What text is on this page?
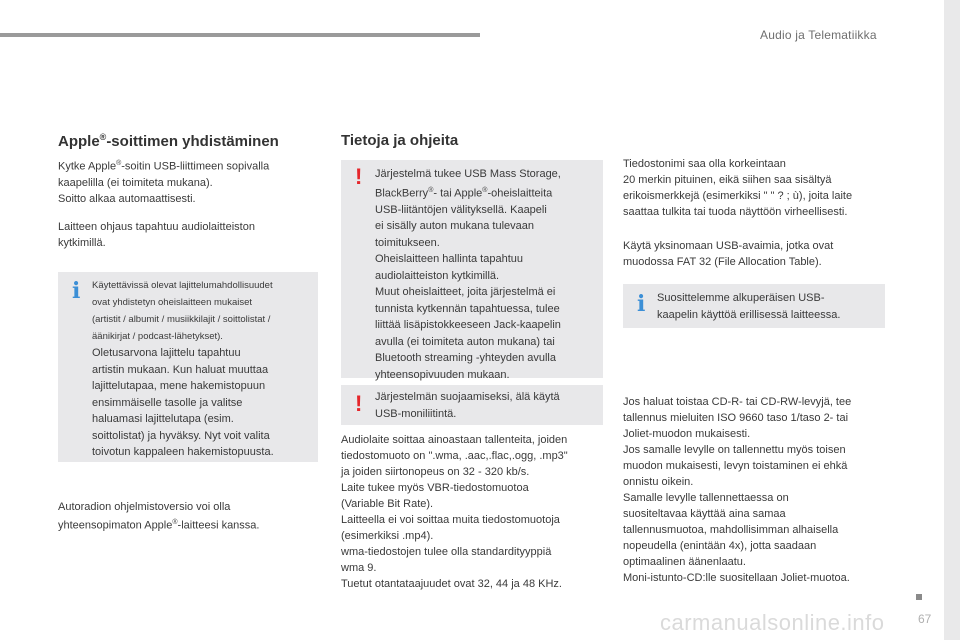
Audio ja Telematiikka
carmanualsonline.info	67
Apple®-soittimen yhdistäminen
Kytke Apple®-soitin USB-liittimeen sopivalla
kaapelilla (ei toimiteta mukana).
Soitto alkaa automaattisesti.
Laitteen ohjaus tapahtuu audiolaitteiston
kytkimillä.
i Käytettävissä olevat lajittelumahdollisuudet
ovat yhdistetyn oheislaitteen mukaiset
(artistit / albumit / musiikkilajit / soittolistat /
äänikirjat / podcast-lähetykset).
Oletusarvona lajittelu tapahtuu
artistin mukaan. Kun haluat muuttaa
lajittelutapaa, mene hakemistopuun
ensimmäiselle tasolle ja valitse
haluamasi lajittelutapa (esim.
soittolistat) ja hyväksy. Nyt voit valita
toivotun kappaleen hakemistopuusta.
Autoradion ohjelmistoversio voi olla
yhteensopimaton Apple®-laitteesi kanssa.
Tietoja ja ohjeita
! Järjestelmä tukee USB Mass Storage,
BlackBerry®- tai Apple®-oheislaitteita
USB-liitäntöjen välityksellä. Kaapeli
ei sisälly auton mukana tulevaan
toimitukseen.
Oheislaitteen hallinta tapahtuu
audiolaitteiston kytkimillä.
Muut oheislaitteet, joita järjestelmä ei
tunnista kytkennän tapahtuessa, tulee
liittää lisäpistokkeeseen Jack-kaapelin
avulla (ei toimiteta auton mukana) tai
Bluetooth streaming -yhteyden avulla
yhteensopivuuden mukaan.
! Järjestelmän suojaamiseksi, älä käytä
USB-moniliitintä.
Audiolaite soittaa ainoastaan tallenteita, joiden
tiedostomuoto on ".wma, .aac,.flac,.ogg, .mp3"
ja joiden siirtonopeus on 32 - 320 kb/s.
Laite tukee myös VBR-tiedostomuotoa
(Variable Bit Rate).
Laitteella ei voi soittaa muita tiedostomuotoja
(esimerkiksi .mp4).
wma-tiedostojen tulee olla standardityyppiä
wma 9.
Tuetut otantataajuudet ovat 32, 44 ja 48 KHz.
Tiedostonimi saa olla korkeintaan
20 merkin pituinen, eikä siihen saa sisältyä
erikoismerkkejä (esimerkiksi " " ? ; ù), joita laite
saattaa tulkita tai tuoda näyttöön virheellisesti.
Käytä yksinomaan USB-avaimia, jotka ovat
muodossa FAT 32 (File Allocation Table).
i Suosittelemme alkuperäisen USB-
kaapelin käyttöä erillisessä laitteessa.
Jos haluat toistaa CD-R- tai CD-RW-levyjä, tee
tallennus mieluiten ISO 9660 taso 1/taso 2- tai
Joliet-muodon mukaisesti.
Jos samalle levylle on tallennettu myös toisen
muodon mukaisesti, levyn toistaminen ei ehkä
onnistu oikein.
Samalle levylle tallennettaessa on
suositeltavaa käyttää aina samaa
tallennusmuotoa, mahdollisimman alhaisella
nopeudella (enintään 4x), jotta saadaan
optimaalinen äänenlaatu.
Moni-istunto-CD:lle suositellaan Joliet-muotoa.
